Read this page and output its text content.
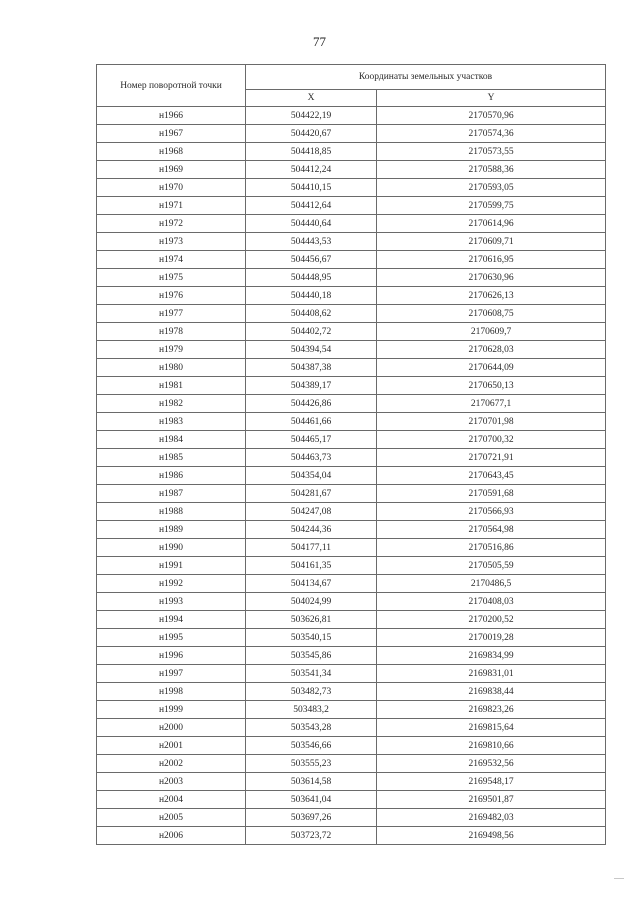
77
Номер поворотной точки	Координаты земельных участков	
	X	Y
н1966	504422,19	2170570,96
н1967	504420,67	2170574,36
н1968	504418,85	2170573,55
н1969	504412,24	2170588,36
н1970	504410,15	2170593,05
н1971	504412,64	2170599,75
н1972	504440,64	2170614,96
н1973	504443,53	2170609,71
н1974	504456,67	2170616,95
н1975	504448,95	2170630,96
н1976	504440,18	2170626,13
н1977	504408,62	2170608,75
н1978	504402,72	2170609,7
н1979	504394,54	2170628,03
н1980	504387,38	2170644,09
н1981	504389,17	2170650,13
н1982	504426,86	2170677,1
н1983	504461,66	2170701,98
н1984	504465,17	2170700,32
н1985	504463,73	2170721,91
н1986	504354,04	2170643,45
н1987	504281,67	2170591,68
н1988	504247,08	2170566,93
н1989	504244,36	2170564,98
н1990	504177,11	2170516,86
н1991	504161,35	2170505,59
н1992	504134,67	2170486,5
н1993	504024,99	2170408,03
н1994	503626,81	2170200,52
н1995	503540,15	2170019,28
н1996	503545,86	2169834,99
н1997	503541,34	2169831,01
н1998	503482,73	2169838,44
н1999	503483,2	2169823,26
н2000	503543,28	2169815,64
н2001	503546,66	2169810,66
н2002	503555,23	2169532,56
н2003	503614,58	2169548,17
н2004	503641,04	2169501,87
н2005	503697,26	2169482,03
н2006	503723,72	2169498,56
